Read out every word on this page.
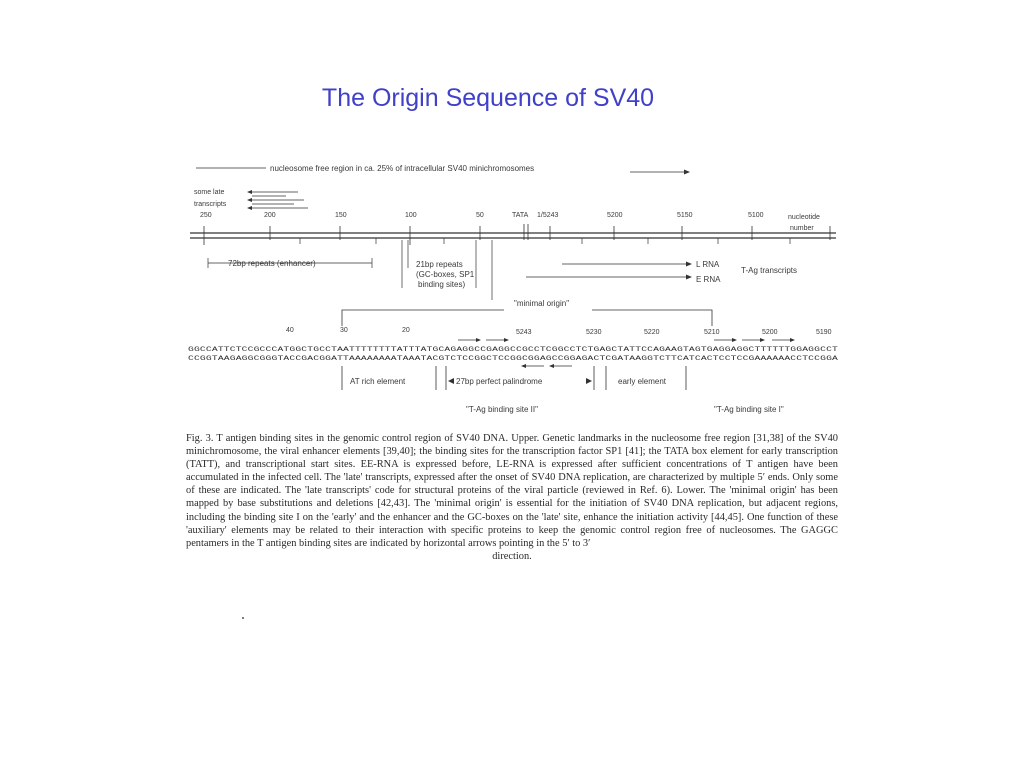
The Origin Sequence of SV40
nucleosome free region in ca. 25% of intracellular SV40 minichromosomes
some late
transcripts
250	200	150	100	50	TATA 1/5243	5200	5150	5100	nucleotide
number
72bp repeats (enhancer)	21bp repeats
(GC-boxes, SP1
binding sites)
L RNA
E RNA
T-Ag transcripts
"minimal origin"
40	30	20	5243	5230	5220	5210	5200	5190
GGCCATTCTCCGCCCATGGCTGCCTAATTTTTTTTATTTATGCAGAGGCCGAGGCCGCCTCGGCCTCTGAGCTATTCCAGAAGTAGTGAGGAGGCTTTTTTGGAGGCCT
CCGGTAAGAGGCGGGTACCGACGGATTAAAAAAAATAAATACGTCTCCGGCTCCGGCGGAGCCGGAGACTCGATAAGGTCTTCATCACTCCTCCGAAAAAACCTCCGGA
AT rich element	27bp perfect palindrome	early element
"T-Ag binding site II"	"T-Ag binding site I"
Fig. 3. T antigen binding sites in the genomic control region of SV40 DNA. Upper. Genetic landmarks in the nucleosome free region [31,38] of the SV40 minichromosome, the viral enhancer elements [39,40]; the binding sites for the transcription factor SP1 [41]; the TATA box element for early transcription (TATT), and transcriptional start sites. EE-RNA is expressed before, LE-RNA is expressed after sufficient concentrations of T antigen have been accumulated in the infected cell. The 'late' transcripts, expressed after the onset of SV40 DNA replication, are characterized by multiple 5′ ends. Only some of these are indicated. The 'late transcripts' code for structural proteins of the viral particle (reviewed in Ref. 6). Lower. The 'minimal origin' has been mapped by base substitutions and deletions [42,43]. The 'minimal origin' is essential for the initiation of SV40 DNA replication, but adjacent regions, including the binding site I on the 'early' and the enhancer and the GC-boxes on the 'late' site, enhance the initiation activity [44,45]. One function of these 'auxiliary' elements may be related to their interaction with specific proteins to keep the genomic control region free of nucleosomes. The GAGGC pentamers in the T antigen binding sites are indicated by horizontal arrows pointing in the 5′ to 3′
direction.
